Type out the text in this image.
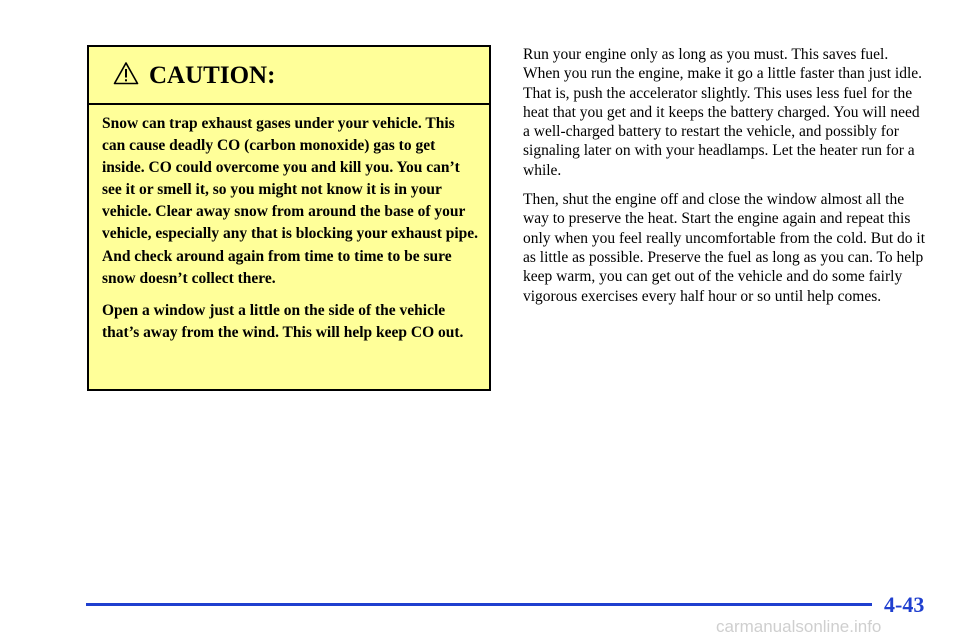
CAUTION:

Snow can trap exhaust gases under your vehicle. This can cause deadly CO (carbon monoxide) gas to get inside. CO could overcome you and kill you. You can’t see it or smell it, so you might not know it is in your vehicle. Clear away snow from around the base of your vehicle, especially any that is blocking your exhaust pipe. And check around again from time to time to be sure snow doesn’t collect there.

Open a window just a little on the side of the vehicle that’s away from the wind. This will help keep CO out.

Run your engine only as long as you must. This saves fuel. When you run the engine, make it go a little faster than just idle. That is, push the accelerator slightly. This uses less fuel for the heat that you get and it keeps the battery charged. You will need a well-charged battery to restart the vehicle, and possibly for signaling later on with your headlamps. Let the heater run for a while.

Then, shut the engine off and close the window almost all the way to preserve the heat. Start the engine again and repeat this only when you feel really uncomfortable from the cold. But do it as little as possible. Preserve the fuel as long as you can. To help keep warm, you can get out of the vehicle and do some fairly vigorous exercises every half hour or so until help comes.

4-43
carmanualsonline.info
